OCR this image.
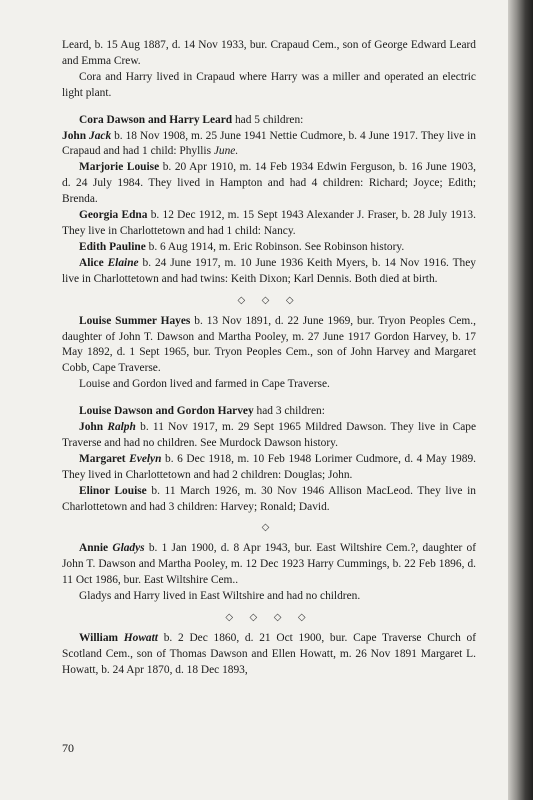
Leard, b. 15 Aug 1887, d. 14 Nov 1933, bur. Crapaud Cem., son of George Edward Leard and Emma Crew.

Cora and Harry lived in Crapaud where Harry was a miller and operated an electric light plant.

Cora Dawson and Harry Leard had 5 children:

John Jack b. 18 Nov 1908, m. 25 June 1941 Nettie Cudmore, b. 4 June 1917. They live in Crapaud and had 1 child: Phyllis June.

Marjorie Louise b. 20 Apr 1910, m. 14 Feb 1934 Edwin Ferguson, b. 16 June 1903, d. 24 July 1984. They lived in Hampton and had 4 children: Richard; Joyce; Edith; Brenda.

Georgia Edna b. 12 Dec 1912, m. 15 Sept 1943 Alexander J. Fraser, b. 28 July 1913. They live in Charlottetown and had 1 child: Nancy.

Edith Pauline b. 6 Aug 1914, m. Eric Robinson. See Robinson history.

Alice Elaine b. 24 June 1917, m. 10 June 1936 Keith Myers, b. 14 Nov 1916. They live in Charlottetown and had twins: Keith Dixon; Karl Dennis. Both died at birth.

◇ ◇ ◇

Louise Summer Hayes b. 13 Nov 1891, d. 22 June 1969, bur. Tryon Peoples Cem., daughter of John T. Dawson and Martha Pooley, m. 27 June 1917 Gordon Harvey, b. 17 May 1892, d. 1 Sept 1965, bur. Tryon Peoples Cem., son of John Harvey and Margaret Cobb, Cape Traverse.

Louise and Gordon lived and farmed in Cape Traverse.

Louise Dawson and Gordon Harvey had 3 children:

John Ralph b. 11 Nov 1917, m. 29 Sept 1965 Mildred Dawson. They live in Cape Traverse and had no children. See Murdock Dawson history.

Margaret Evelyn b. 6 Dec 1918, m. 10 Feb 1948 Lorimer Cudmore, d. 4 May 1989. They lived in Charlottetown and had 2 children: Douglas; John.

Elinor Louise b. 11 March 1926, m. 30 Nov 1946 Allison MacLeod. They live in Charlottetown and had 3 children: Harvey; Ronald; David.

◇

Annie Gladys b. 1 Jan 1900, d. 8 Apr 1943, bur. East Wiltshire Cem.?, daughter of John T. Dawson and Martha Pooley, m. 12 Dec 1923 Harry Cummings, b. 22 Feb 1896, d. 11 Oct 1986, bur. East Wiltshire Cem..

Gladys and Harry lived in East Wiltshire and had no children.

◇ ◇ ◇ ◇

William Howatt b. 2 Dec 1860, d. 21 Oct 1900, bur. Cape Traverse Church of Scotland Cem., son of Thomas Dawson and Ellen Howatt, m. 26 Nov 1891 Margaret L. Howatt, b. 24 Apr 1870, d. 18 Dec 1893,

70
